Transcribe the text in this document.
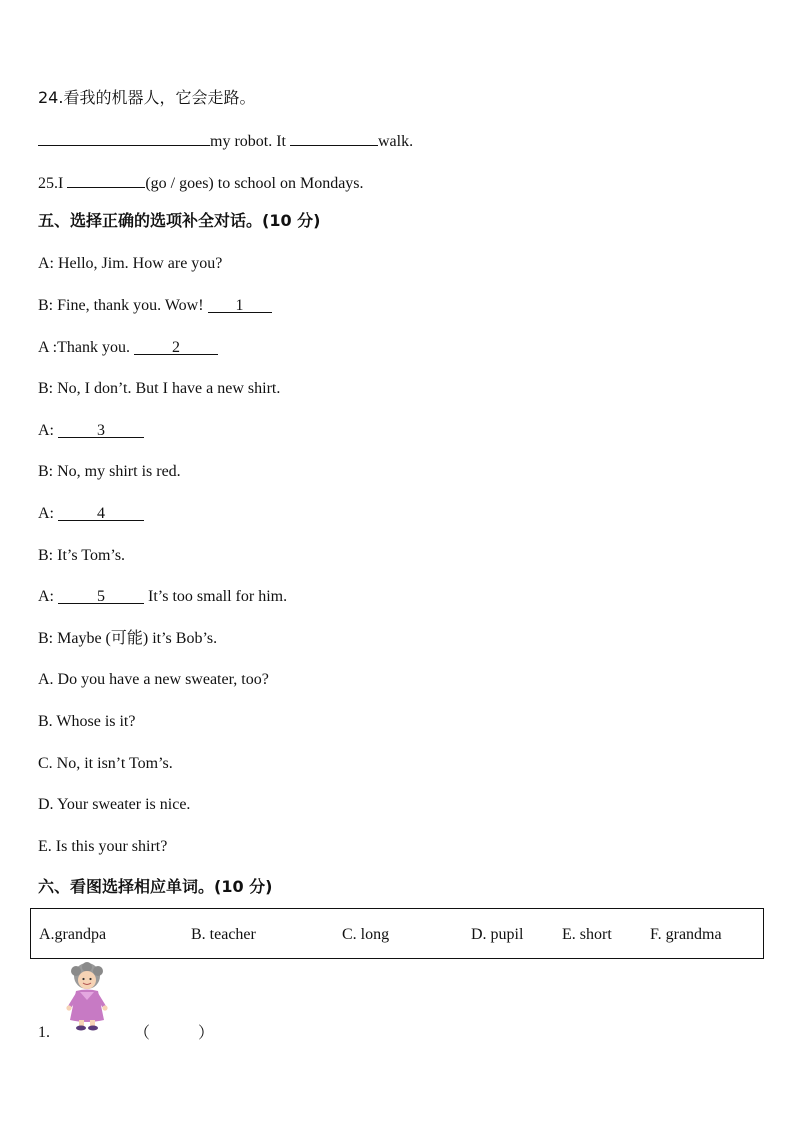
24.看我的机器人，它会走路。
my robot. It	walk.
25.I	(go / goes) to school on Mondays.
五、选择正确的选项补全对话。(10 分)
A: Hello, Jim. How are you?
B: Fine, thank you. Wow! 1
A :Thank you. 2
B: No, I don’t. But I have a new shirt.
A: 3
B: No, my shirt is red.
A: 4
B: It’s Tom’s.
A: 5 It’s too small for him.
B: Maybe (可能) it’s Bob’s.
A. Do you have a new sweater, too?
B. Whose is it?
C. No, it isn’t Tom’s.
D. Your sweater is nice.
E. Is this your shirt?
六、看图选择相应单词。(10 分)
A.grandpa	B. teacher	C. long	D. pupil E. short F. grandma
1.	（	）
